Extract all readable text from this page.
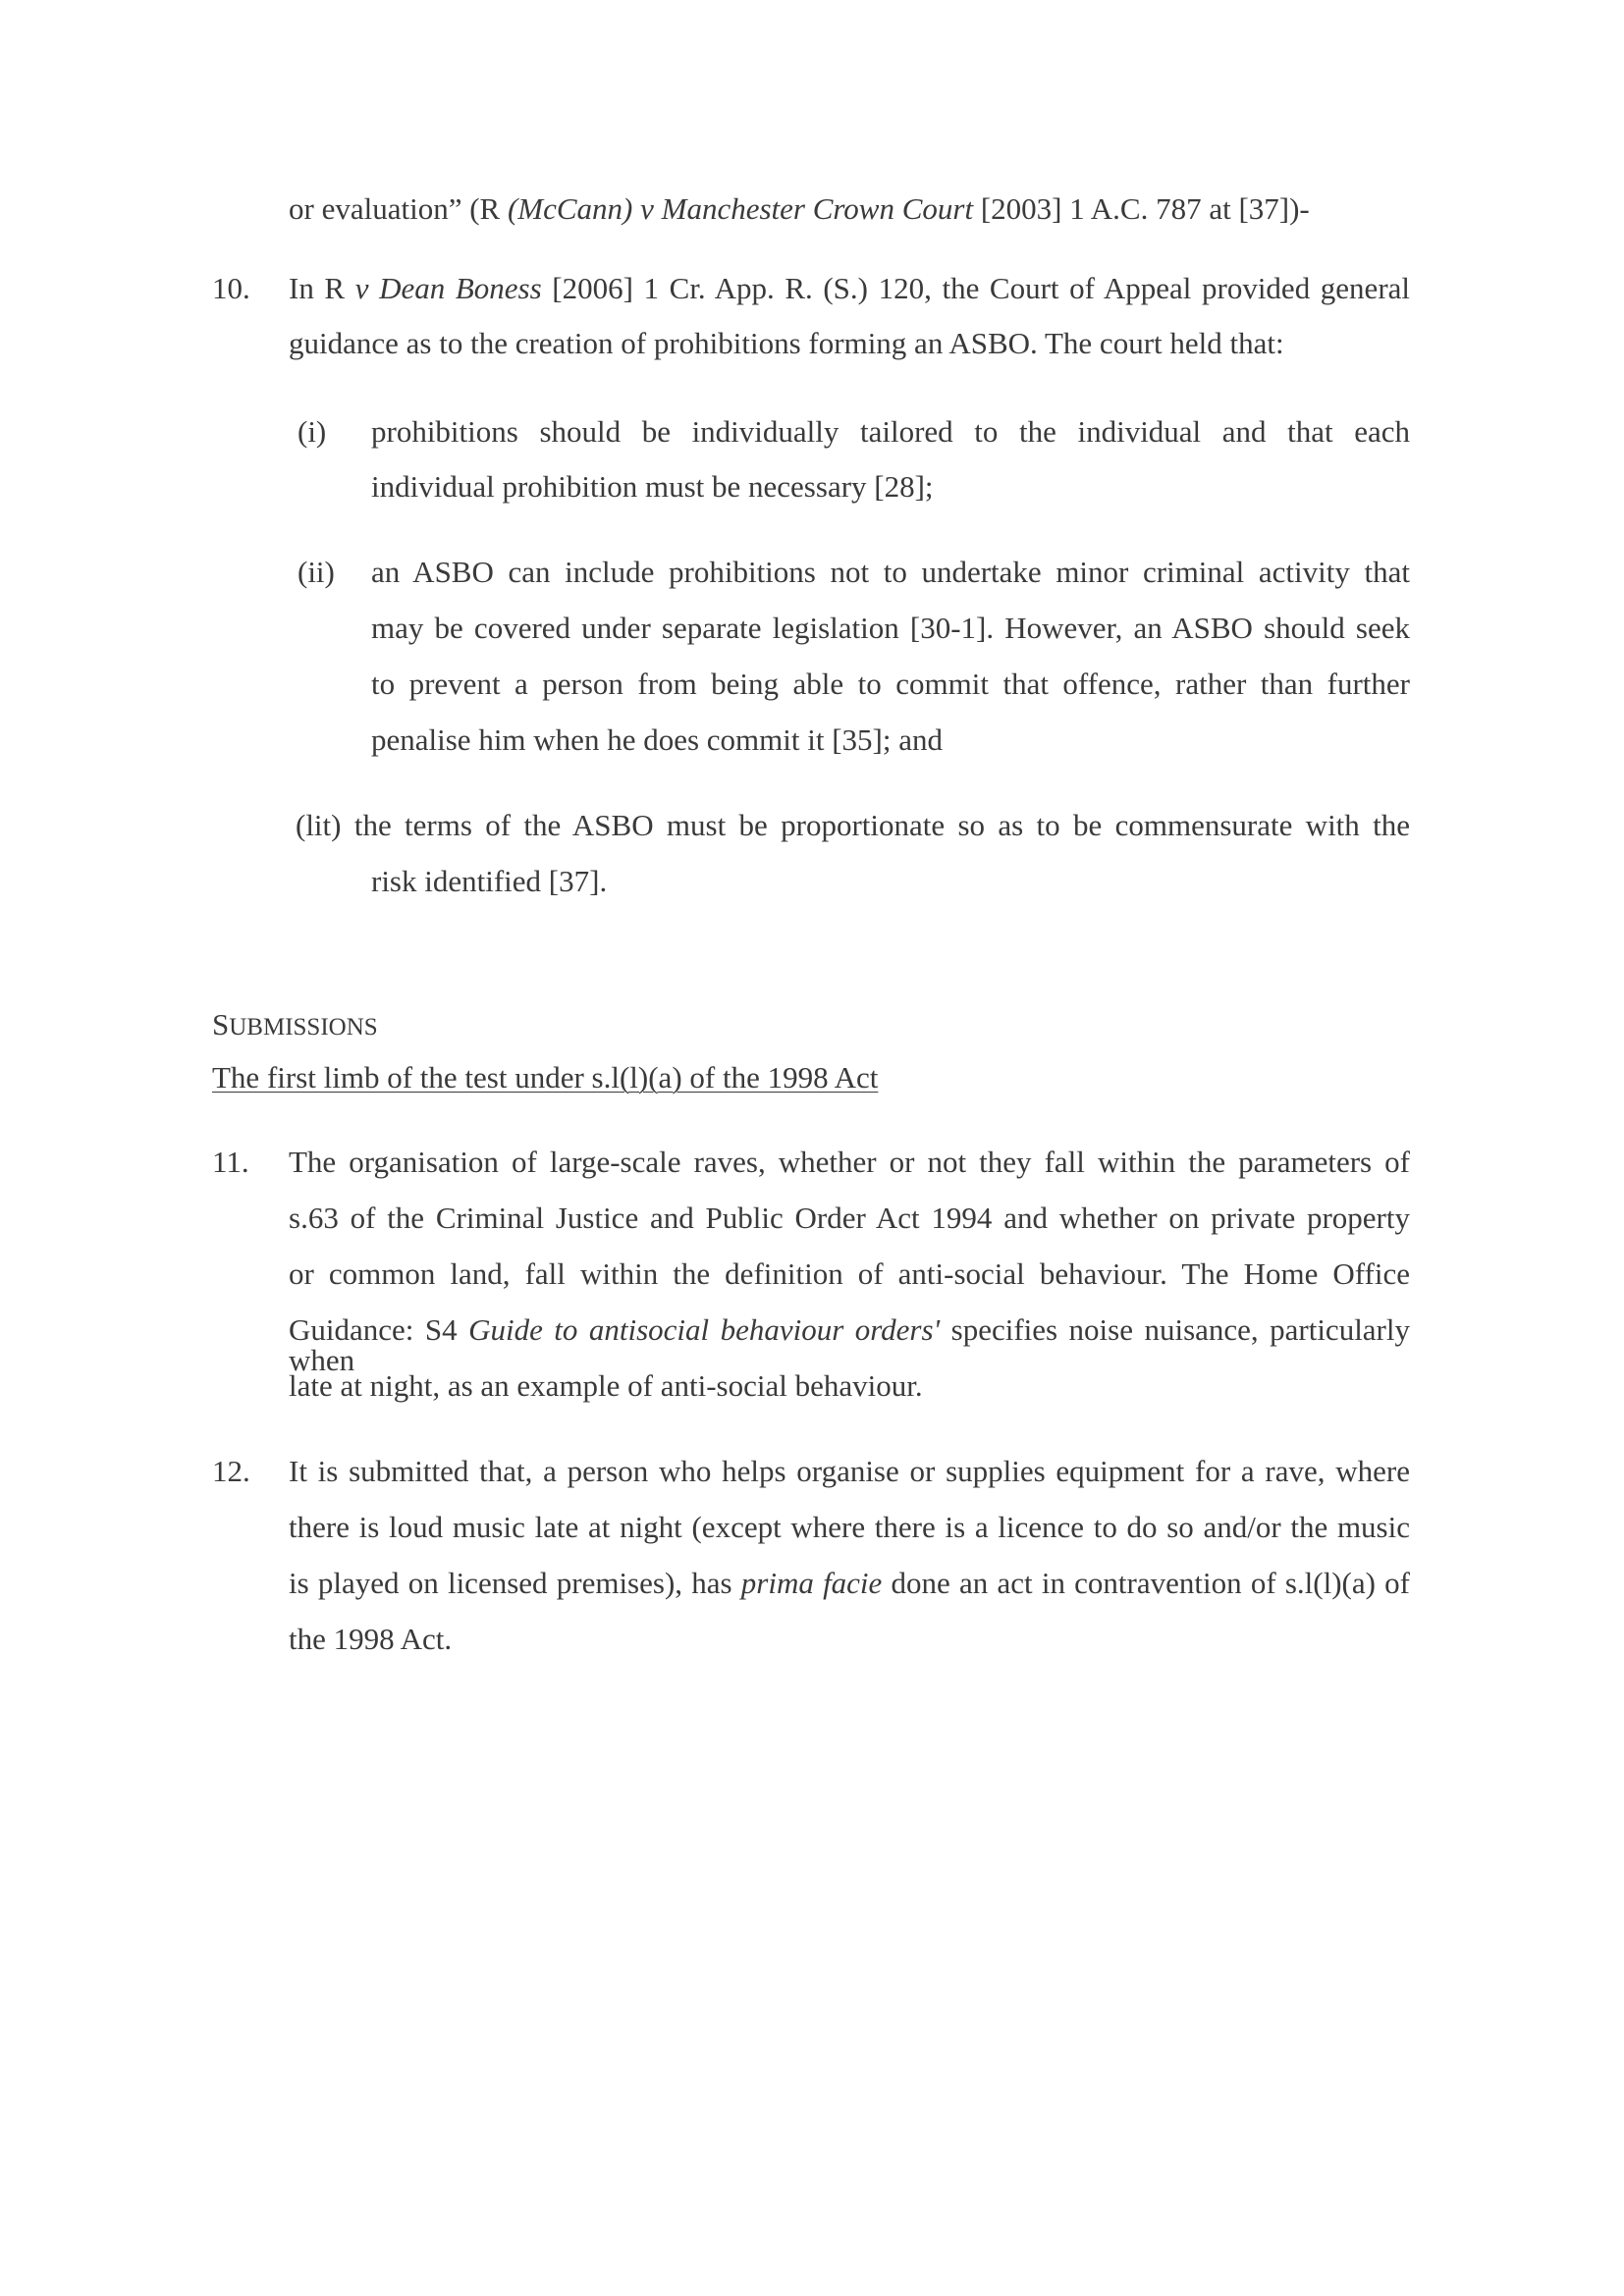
or evaluation” (R (McCann) v Manchester Crown Court [2003] 1 A.C. 787 at [37])-
10. In R v Dean Boness [2006] 1 Cr. App. R. (S.) 120, the Court of Appeal provided general
guidance as to the creation of prohibitions forming an ASBO. The court held that:
(i) prohibitions should be individually tailored to the individual and that each
individual prohibition must be necessary [28];
(ii) an ASBO can include prohibitions not to undertake minor criminal activity that
may be covered under separate legislation [30-1]. However, an ASBO should seek
to prevent a person from being able to commit that offence, rather than further
penalise him when he does commit it [35]; and
(lit) the terms of the ASBO must be proportionate so as to be commensurate with the
risk identified [37].
SUBMISSIONS
The first limb of the test under s.l(l)(a) of the 1998 Act
11. The organisation of large-scale raves, whether or not they fall within the parameters of
s.63 of the Criminal Justice and Public Order Act 1994 and whether on private property
or common land, fall within the definition of anti-social behaviour. The Home Office
Guidance: S4 Guide to antisocial behaviour orders' specifies noise nuisance, particularly when
late at night, as an example of anti-social behaviour.
12. It is submitted that, a person who helps organise or supplies equipment for a rave, where
there is loud music late at night (except where there is a licence to do so and/or the music
is played on licensed premises), has prima facie done an act in contravention of s.l(l)(a) of
the 1998 Act.
